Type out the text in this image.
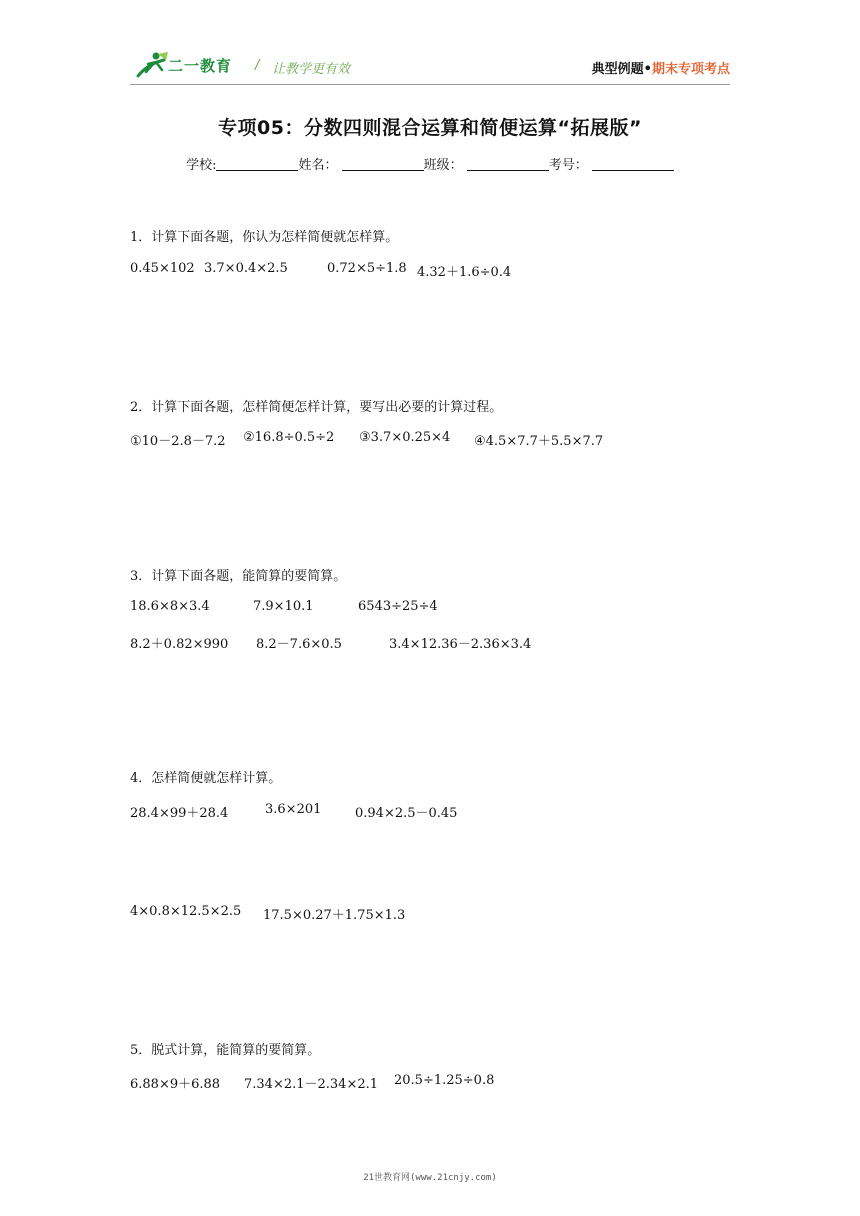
二一教育 / 让教学更有效	典型例题•期末专项考点
专项05：分数四则混合运算和简便运算“拓展版”
学校:	姓名：	班级：	考号：
1．计算下面各题，你认为怎样简便就怎样算。
0.45×102 3.7×0.4×2.5	0.72×5÷1.8 4.32＋1.6÷0.4
2．计算下面各题，怎样简便怎样计算，要写出必要的计算过程。
①10－2.8－7.2 ②16.8÷0.5÷2 ③3.7×0.25×4 ④4.5×7.7＋5.5×7.7
3．计算下面各题，能简算的要简算。
18.6×8×3.4	7.9×10.1	6543÷25÷4
8.2＋0.82×990 8.2－7.6×0.5	3.4×12.36－2.36×3.4
4．怎样简便就怎样计算。
28.4×99＋28.4	3.6×201	0.94×2.5－0.45
4×0.8×12.5×2.5 17.5×0.27＋1.75×1.3
5．脱式计算，能简算的要简算。
6.88×9＋6.88 7.34×2.1－2.34×2.1 20.5÷1.25÷0.8
21世教育网(www.21cnjy.com)
